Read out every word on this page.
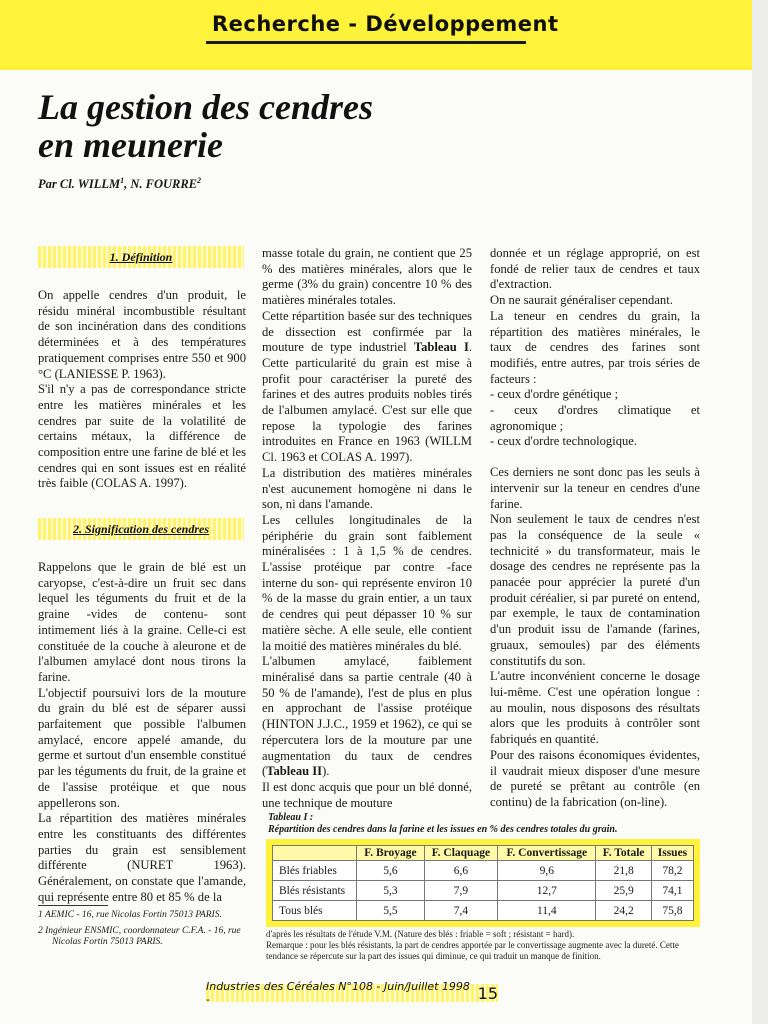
Recherche - Développement
La gestion des cendres
en meunerie

Par Cl. WILLM$^1$, N. FOURRE$^2$

1. Définition

On appelle cendres d'un produit, le résidu minéral incombustible résultant de son incinération dans des conditions déterminées et à des températures pratiquement comprises entre 550 et 900 °C (LANIESSE P. 1963).

S'il n'y a pas de correspondance stricte entre les matières minérales et les cendres par suite de la volatilité de certains métaux, la différence de composition entre une farine de blé et les cendres qui en sont issues est en réalité très faible (COLAS A. 1997).

2. Signification des cendres

Rappelons que le grain de blé est un caryopse, c'est-à-dire un fruit sec dans lequel les téguments du fruit et de la graine -vides de contenu- sont intimement liés à la graine. Celle-ci est constituée de la couche à aleurone et de l'albumen amylacé dont nous tirons la farine.

L'objectif poursuivi lors de la mouture du grain du blé est de séparer aussi parfaitement que possible l'albumen amylacé, encore appelé amande, du germe et surtout d'un ensemble constitué par les téguments du fruit, de la graine et de l'assise protéique et que nous appellerons son.

La répartition des matières minérales entre les constituants des différentes parties du grain est sensiblement différente (NURET 1963). Généralement, on constate que l'amande, qui représente entre 80 et 85 % de la

masse totale du grain, ne contient que 25 % des matières minérales, alors que le germe (3% du grain) concentre 10 % des matières minérales totales.

Cette répartition basée sur des techniques de dissection est confirmée par la mouture de type industriel Tableau I. Cette particularité du grain est mise à profit pour caractériser la pureté des farines et des autres produits nobles tirés de l'albumen amylacé. C'est sur elle que repose la typologie des farines introduites en France en 1963 (WILLM Cl. 1963 et COLAS A. 1997).

La distribution des matières minérales n'est aucunement homogène ni dans le son, ni dans l'amande.

Les cellules longitudinales de la périphérie du grain sont faiblement minéralisées : 1 à 1,5 % de cendres. L'assise protéique par contre -face interne du son- qui représente environ 10 % de la masse du grain entier, a un taux de cendres qui peut dépasser 10 % sur matière sèche. A elle seule, elle contient la moitié des matières minérales du blé.

L'albumen amylacé, faiblement minéralisé dans sa partie centrale (40 à 50 % de l'amande), l'est de plus en plus en approchant de l'assise protéique (HINTON J.J.C., 1959 et 1962), ce qui se répercutera lors de la mouture par une augmentation du taux de cendres (Tableau II).

Il est donc acquis que pour un blé donné, une technique de mouture

donnée et un réglage approprié, on est fondé de relier taux de cendres et taux d'extraction.

On ne saurait généraliser cependant.

La teneur en cendres du grain, la répartition des matières minérales, le taux de cendres des farines sont modifiés, entre autres, par trois séries de facteurs :

- ceux d'ordre génétique ;

- ceux d'ordres climatique et agronomique ;

- ceux d'ordre technologique.

Ces derniers ne sont donc pas les seuls à intervenir sur la teneur en cendres d'une farine.

Non seulement le taux de cendres n'est pas la conséquence de la seule « technicité » du transformateur, mais le dosage des cendres ne représente pas la panacée pour apprécier la pureté d'un produit céréalier, si par pureté on entend, par exemple, le taux de contamination d'un produit issu de l'amande (farines, gruaux, semoules) par des éléments constitutifs du son.

L'autre inconvénient concerne le dosage lui-même. C'est une opération longue : au moulin, nous disposons des résultats alors que les produits à contrôler sont fabriqués en quantité.

Pour des raisons économiques évidentes, il vaudrait mieux disposer d'une mesure de pureté se prêtant au contrôle (en continu) de la fabrication (on-line).

Tableau I :
Répartition des cendres dans la farine et les issues en % des cendres totales du grain.
	F. Broyage	F. Claquage	F. Convertissage	F. Totale	Issues
Blés friables	5,6	6,6	9,6	21,8	78,2
Blés résistants	5,3	7,9	12,7	25,9	74,1
Tous blés	5,5	7,4	11,4	24,2	75,8

d'après les résultats de l'étude V.M. (Nature des blés : friable = soft ; résistant = hard).

Remarque : pour les blés résistants, la part de cendres apportée par le convertissage augmente avec la dureté. Cette tendance se répercute sur la part des issues qui diminue, ce qui traduit un manque de finition.

1 AEMIC - 16, rue Nicolas Fortin 75013 PARIS.

2 Ingénieur ENSMIC, coordonnateur C.F.A. - 16, rue Nicolas Fortin 75013 PARIS.

Industries des Céréales N°108 - Juin/Juillet 1998 -	15
